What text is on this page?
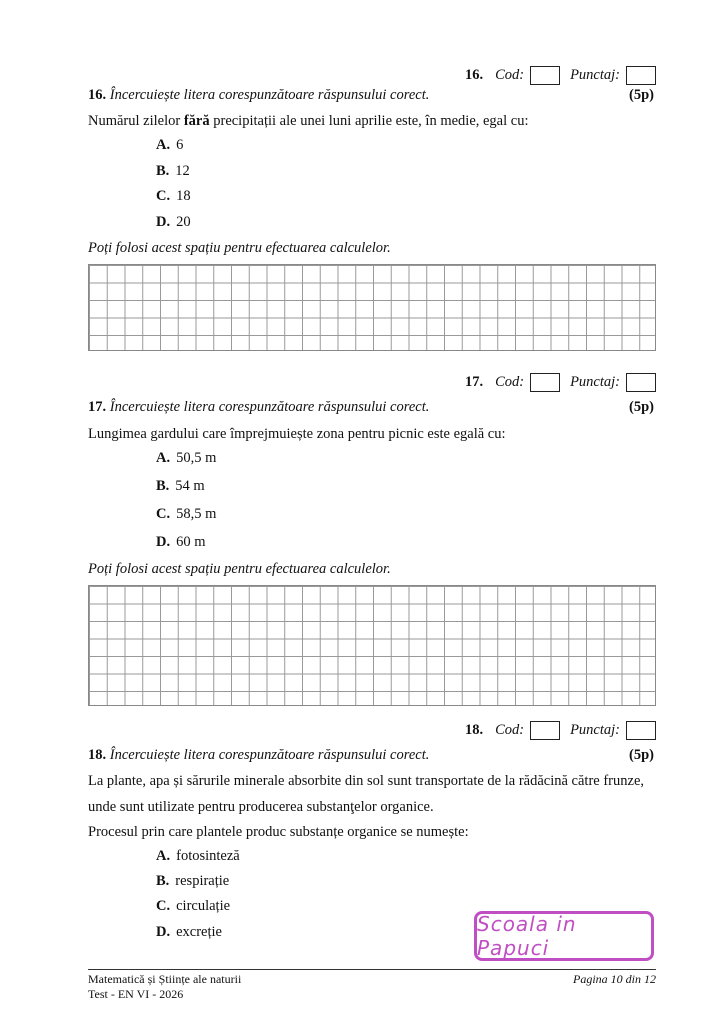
16. Cod:	Punctaj:
16. Încercuiește litera corespunzătoare răspunsului corect.	(5p)
Numărul zilelor fără precipitații ale unei luni aprilie este, în medie, egal cu:
A. 6
B. 12
C. 18
D. 20
Poți folosi acest spațiu pentru efectuarea calculelor.
17. Cod:	Punctaj:
17. Încercuiește litera corespunzătoare răspunsului corect.	(5p)
Lungimea gardului care împrejmuiește zona pentru picnic este egală cu:
A. 50,5 m
B. 54 m
C. 58,5 m
D. 60 m
Poți folosi acest spațiu pentru efectuarea calculelor.
18. Cod:	Punctaj:
18. Încercuiește litera corespunzătoare răspunsului corect.	(5p)
La plante, apa și sărurile minerale absorbite din sol sunt transportate de la rădăcină către frunze,
unde sunt utilizate pentru producerea substanţelor organice.
Procesul prin care plantele produc substanțe organice se numește:
A. fotosinteză
B. respirație
C. circulație
D. excreție	Scoala in Papuci
Matematică și Științe ale naturii
Test - EN VI - 2026
Pagina 10 din 12
